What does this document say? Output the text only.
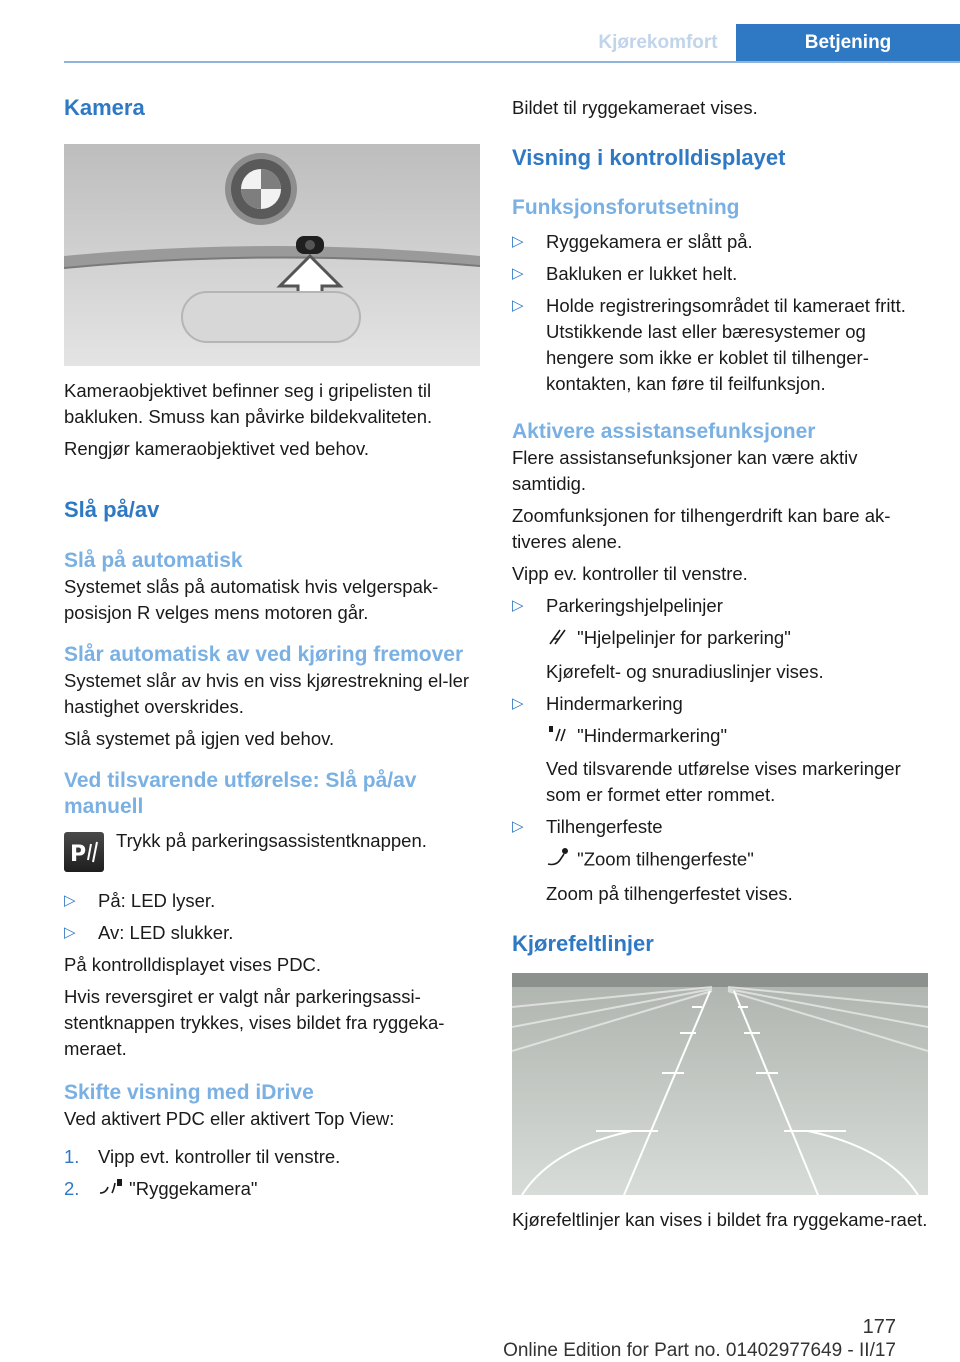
Kjørekomfort	Betjening
Kamera

Kameraobjektivet befinner seg i gripelisten til bakluken. Smuss kan påvirke bildekvaliteten.

Rengjør kameraobjektivet ved behov.

Slå på/av
Slå på automatisk

Systemet slås på automatisk hvis velgerspak-posisjon R velges mens motoren går.

Slår automatisk av ved kjøring fremover

Systemet slår av hvis en viss kjørestrekning el-ler hastighet overskrides.

Slå systemet på igjen ved behov.

Ved tilsvarende utførelse: Slå på/av manuell
P

Trykk på parkeringsassistentknappen.

▷ På: LED lyser.
▷ Av: LED slukker.

På kontrolldisplayet vises PDC.

Hvis reversgiret er valgt når parkeringsassi-stentknappen trykkes, vises bildet fra ryggeka-meraet.

Skifte visning med iDrive

Ved aktivert PDC eller aktivert Top View:

1. Vipp evt. kontroller til venstre.
2.	"Ryggekamera"

Bildet til ryggekameraet vises.

Visning i kontrolldisplayet
Funksjonsforutsetning
▷ Ryggekamera er slått på.
▷ Bakluken er lukket helt.
▷ Holde registreringsområdet til kameraet fritt. Utstikkende last eller bæresystemer og hengere som ikke er koblet til tilhenger-kontakten, kan føre til feilfunksjon.
Aktivere assistansefunksjoner

Flere assistansefunksjoner kan være aktiv samtidig.

Zoomfunksjonen for tilhengerdrift kan bare ak-tiveres alene.

Vipp ev. kontroller til venstre.

▷ Parkeringshjelpelinjer
"Hjelpelinjer for parkering"
Kjørefelt- og snuradiuslinjer vises.
▷ Hindermarkering
"Hindermarkering"
Ved tilsvarende utførelse vises markeringer som er formet etter rommet.
▷ Tilhengerfeste
"Zoom tilhengerfeste"
Zoom på tilhengerfestet vises.
Kjørefeltlinjer

Kjørefeltlinjer kan vises i bildet fra ryggekame-raet.

177
Online Edition for Part no. 01402977649 - II/17
